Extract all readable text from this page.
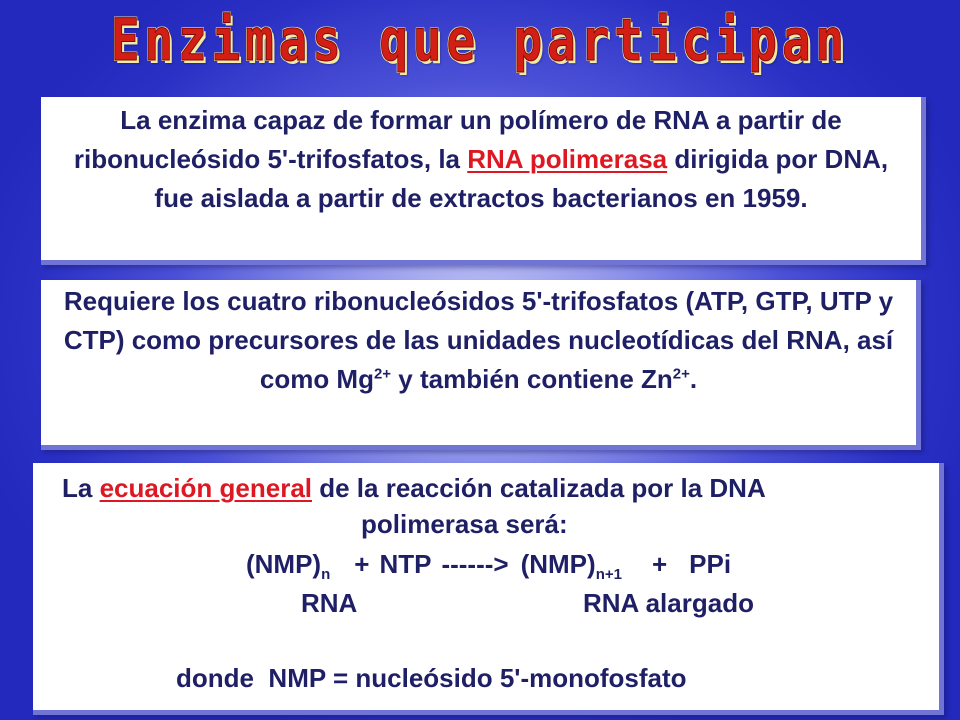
Enzimas que participan
La enzima capaz de formar un polímero de RNA a partir de ribonucleósido 5'-trifosfatos, la RNA polimerasa dirigida por DNA, fue aislada a partir de extractos bacterianos en 1959.
Requiere los cuatro ribonucleósidos 5'-trifosfatos (ATP, GTP, UTP y CTP) como precursores de las unidades nucleotídicas del RNA, así como $Mg^{2+}$ y también contiene $Zn^{2+}$.
La ecuación general de la reacción catalizada por la DNA
polimerasa será:
$(NMP)_n$ + NTP ------> $(NMP)_{n+1}$ + PPi
RNA	RNA alargado
donde  NMP = nucleósido 5'-monofosfato
